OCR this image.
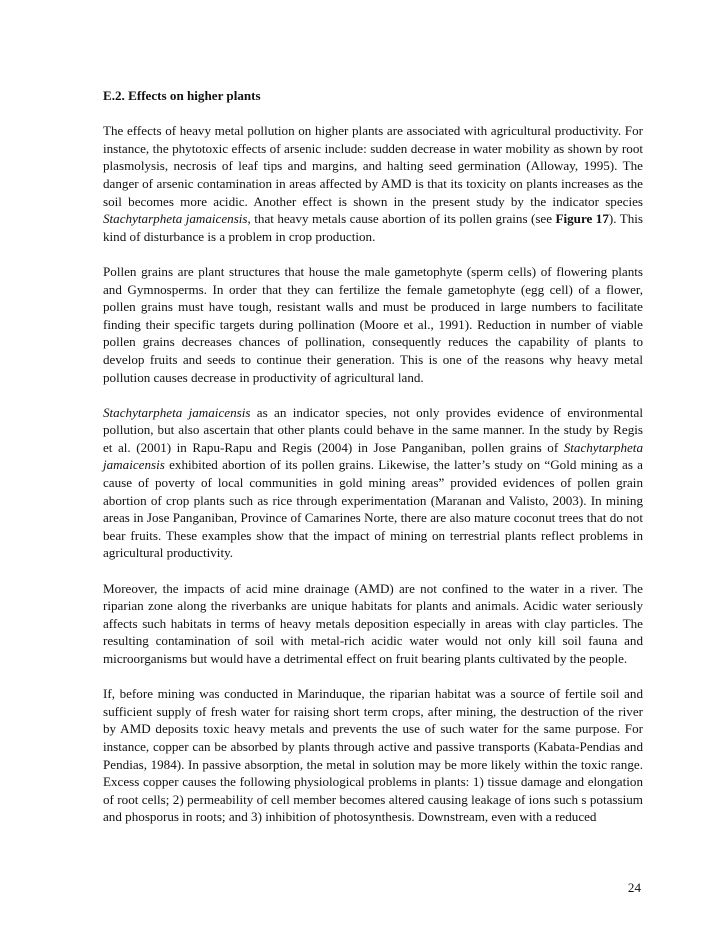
E.2. Effects on higher plants

The effects of heavy metal pollution on higher plants are associated with agricultural productivity. For instance, the phytotoxic effects of arsenic include: sudden decrease in water mobility as shown by root plasmolysis, necrosis of leaf tips and margins, and halting seed germination (Alloway, 1995). The danger of arsenic contamination in areas affected by AMD is that its toxicity on plants increases as the soil becomes more acidic. Another effect is shown in the present study by the indicator species Stachytarpheta jamaicensis, that heavy metals cause abortion of its pollen grains (see Figure 17). This kind of disturbance is a problem in crop production.

Pollen grains are plant structures that house the male gametophyte (sperm cells) of flowering plants and Gymnosperms. In order that they can fertilize the female gametophyte (egg cell) of a flower, pollen grains must have tough, resistant walls and must be produced in large numbers to facilitate finding their specific targets during pollination (Moore et al., 1991). Reduction in number of viable pollen grains decreases chances of pollination, consequently reduces the capability of plants to develop fruits and seeds to continue their generation. This is one of the reasons why heavy metal pollution causes decrease in productivity of agricultural land.

Stachytarpheta jamaicensis as an indicator species, not only provides evidence of environmental pollution, but also ascertain that other plants could behave in the same manner. In the study by Regis et al. (2001) in Rapu-Rapu and Regis (2004) in Jose Panganiban, pollen grains of Stachytarpheta jamaicensis exhibited abortion of its pollen grains. Likewise, the latter’s study on “Gold mining as a cause of poverty of local communities in gold mining areas” provided evidences of pollen grain abortion of crop plants such as rice through experimentation (Maranan and Valisto, 2003). In mining areas in Jose Panganiban, Province of Camarines Norte, there are also mature coconut trees that do not bear fruits. These examples show that the impact of mining on terrestrial plants reflect problems in agricultural productivity.

Moreover, the impacts of acid mine drainage (AMD) are not confined to the water in a river. The riparian zone along the riverbanks are unique habitats for plants and animals. Acidic water seriously affects such habitats in terms of heavy metals deposition especially in areas with clay particles. The resulting contamination of soil with metal-rich acidic water would not only kill soil fauna and microorganisms but would have a detrimental effect on fruit bearing plants cultivated by the people.

If, before mining was conducted in Marinduque, the riparian habitat was a source of fertile soil and sufficient supply of fresh water for raising short term crops, after mining, the destruction of the river by AMD deposits toxic heavy metals and prevents the use of such water for the same purpose. For instance, copper can be absorbed by plants through active and passive transports (Kabata-Pendias and Pendias, 1984). In passive absorption, the metal in solution may be more likely within the toxic range. Excess copper causes the following physiological problems in plants: 1) tissue damage and elongation of root cells; 2) permeability of cell member becomes altered causing leakage of ions such s potassium and phosporus in roots; and 3) inhibition of photosynthesis. Downstream, even with a reduced

24
